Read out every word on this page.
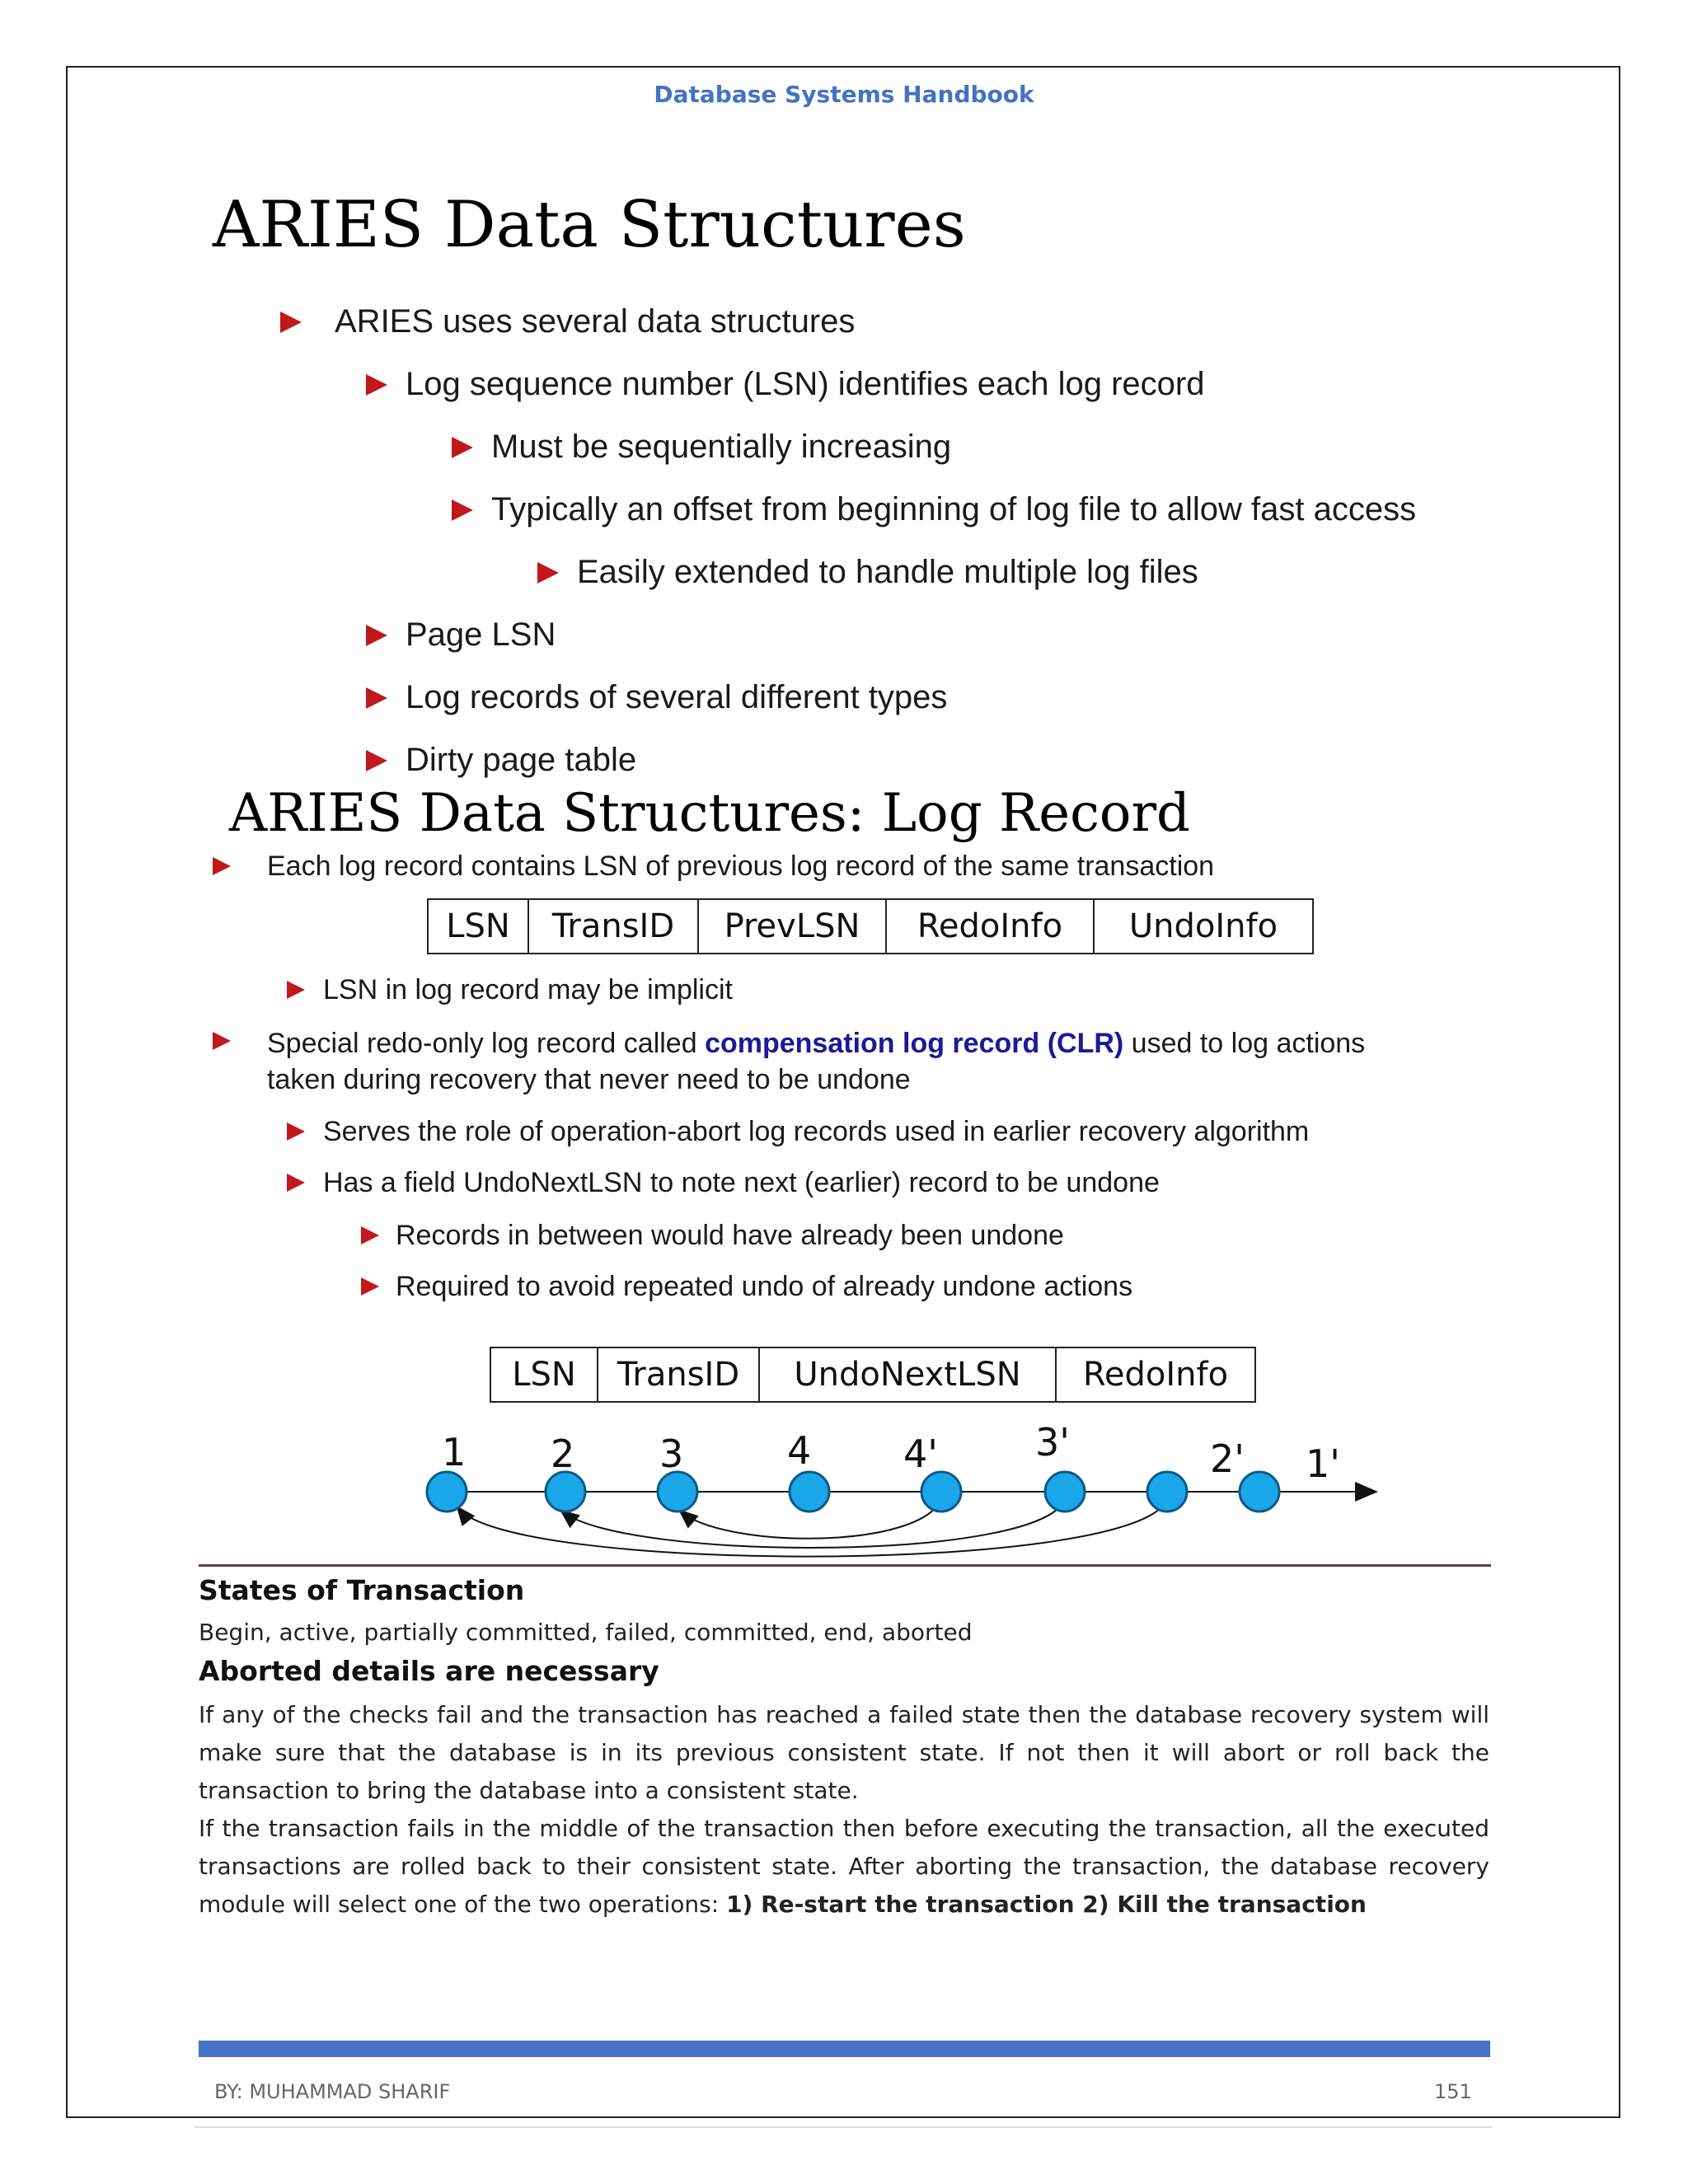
Database Systems Handbook
ARIES Data Structures
ARIES uses several data structures
Log sequence number (LSN) identifies each log record
Must be sequentially increasing
Typically an offset from beginning of log file to allow fast access
Easily extended to handle multiple log files
Page LSN
Log records of several different types
Dirty page table
ARIES Data Structures: Log Record
Each log record contains LSN of previous log record of the same transaction
LSN	TransID	PrevLSN	RedoInfo	UndoInfo
LSN in log record may be implicit
Special redo-only log record called compensation log record (CLR) used to log actions
taken during recovery that never need to be undone
Serves the role of operation-abort log records used in earlier recovery algorithm
Has a field UndoNextLSN to note next (earlier) record to be undone
Records in between would have already been undone
Required to avoid repeated undo of already undone actions
LSN	TransID	UndoNextLSN	RedoInfo
1 2 3	4 4'	3'	2' 1'
States of Transaction
Begin, active, partially committed, failed, committed, end, aborted
Aborted details are necessary
If any of the checks fail and the transaction has reached a failed state then the database recovery system will make sure that the database is in its previous consistent state. If not then it will abort or roll back the transaction to bring the database into a consistent state.
If the transaction fails in the middle of the transaction then before executing the transaction, all the executed transactions are rolled back to their consistent state. After aborting the transaction, the database recovery module will select one of the two operations: 1) Re-start the transaction 2) Kill the transaction
BY: MUHAMMAD SHARIF	151
